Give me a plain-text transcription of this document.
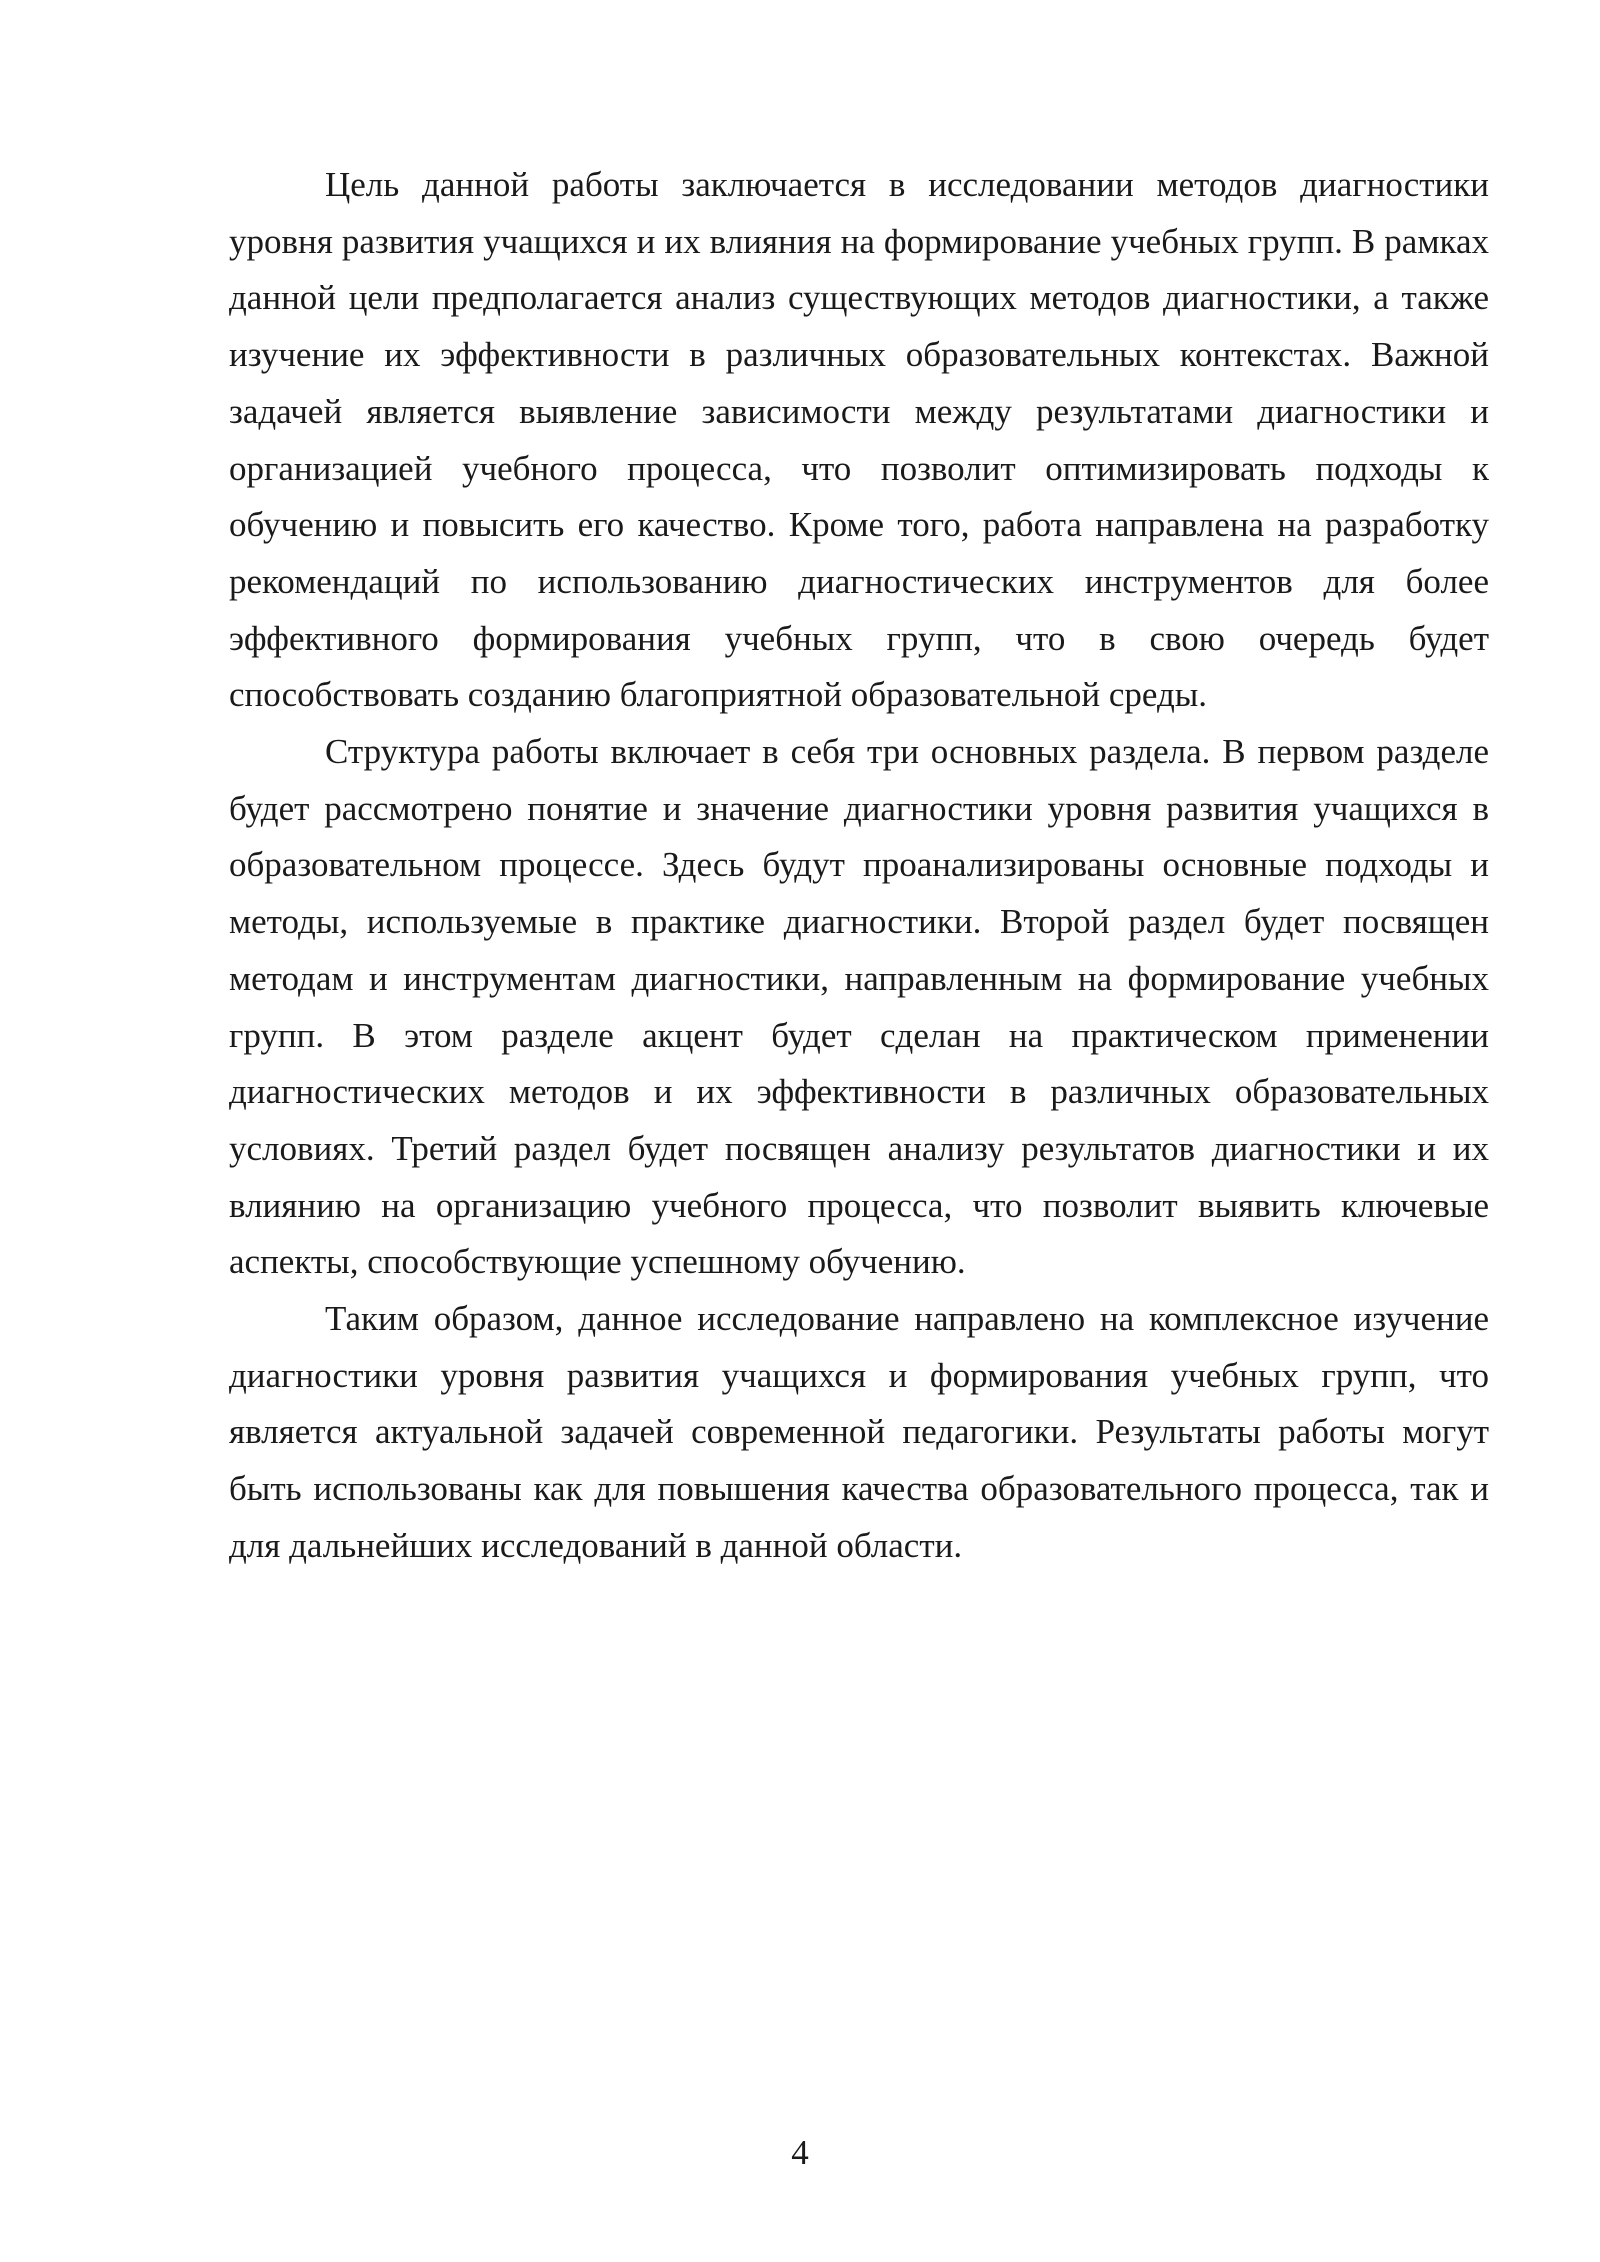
Цель данной работы заключается в исследовании методов диагностики уровня развития учащихся и их влияния на формирование учебных групп. В рамках данной цели предполагается анализ существующих методов диагностики, а также изучение их эффективности в различных образовательных контекстах. Важной задачей является выявление зависимости между результатами диагностики и организацией учебного процесса, что позволит оптимизировать подходы к обучению и повысить его качество. Кроме того, работа направлена на разработку рекомендаций по использованию диагностических инструментов для более эффективного формирования учебных групп, что в свою очередь будет способствовать созданию благоприятной образовательной среды.

Структура работы включает в себя три основных раздела. В первом разделе будет рассмотрено понятие и значение диагностики уровня развития учащихся в образовательном процессе. Здесь будут проанализированы основные подходы и методы, используемые в практике диагностики. Второй раздел будет посвящен методам и инструментам диагностики, направленным на формирование учебных групп. В этом разделе акцент будет сделан на практическом применении диагностических методов и их эффективности в различных образовательных условиях. Третий раздел будет посвящен анализу результатов диагностики и их влиянию на организацию учебного процесса, что позволит выявить ключевые аспекты, способствующие успешному обучению.

Таким образом, данное исследование направлено на комплексное изучение диагностики уровня развития учащихся и формирования учебных групп, что является актуальной задачей современной педагогики. Результаты работы могут быть использованы как для повышения качества образовательного процесса, так и для дальнейших исследований в данной области.

4
